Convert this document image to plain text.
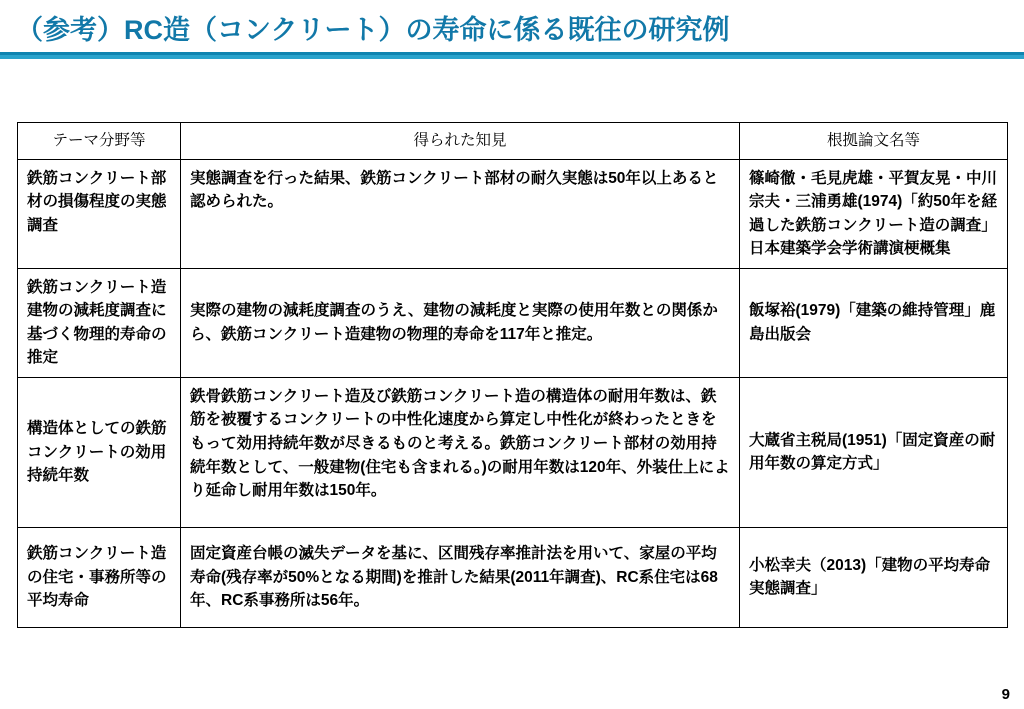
（参考）RC造（コンクリート）の寿命に係る既往の研究例
テーマ分野等	得られた知見	根拠論文名等
鉄筋コンクリート部材の損傷程度の実態調査	実態調査を行った結果、鉄筋コンクリート部材の耐久実態は50年以上あると認められた。	篠崎徹・毛見虎雄・平賀友晃・中川宗夫・三浦勇雄(1974)「約50年を経過した鉄筋コンクリート造の調査」日本建築学会学術講演梗概集
鉄筋コンクリート造建物の減耗度調査に基づく物理的寿命の推定	実際の建物の減耗度調査のうえ、建物の減耗度と実際の使用年数との関係から、鉄筋コンクリート造建物の物理的寿命を117年と推定。	飯塚裕(1979)「建築の維持管理」鹿島出版会
構造体としての鉄筋コンクリートの効用持続年数	鉄骨鉄筋コンクリート造及び鉄筋コンクリート造の構造体の耐用年数は、鉄筋を被覆するコンクリートの中性化速度から算定し中性化が終わったときをもって効用持続年数が尽きるものと考える。鉄筋コンクリート部材の効用持続年数として、一般建物(住宅も含まれる。)の耐用年数は120年、外装仕上により延命し耐用年数は150年。	大蔵省主税局(1951)「固定資産の耐用年数の算定方式」
鉄筋コンクリート造の住宅・事務所等の平均寿命	固定資産台帳の滅失データを基に、区間残存率推計法を用いて、家屋の平均寿命(残存率が50%となる期間)を推計した結果(2011年調査)、RC系住宅は68年、RC系事務所は56年。	小松幸夫（2013)「建物の平均寿命実態調査」
9
